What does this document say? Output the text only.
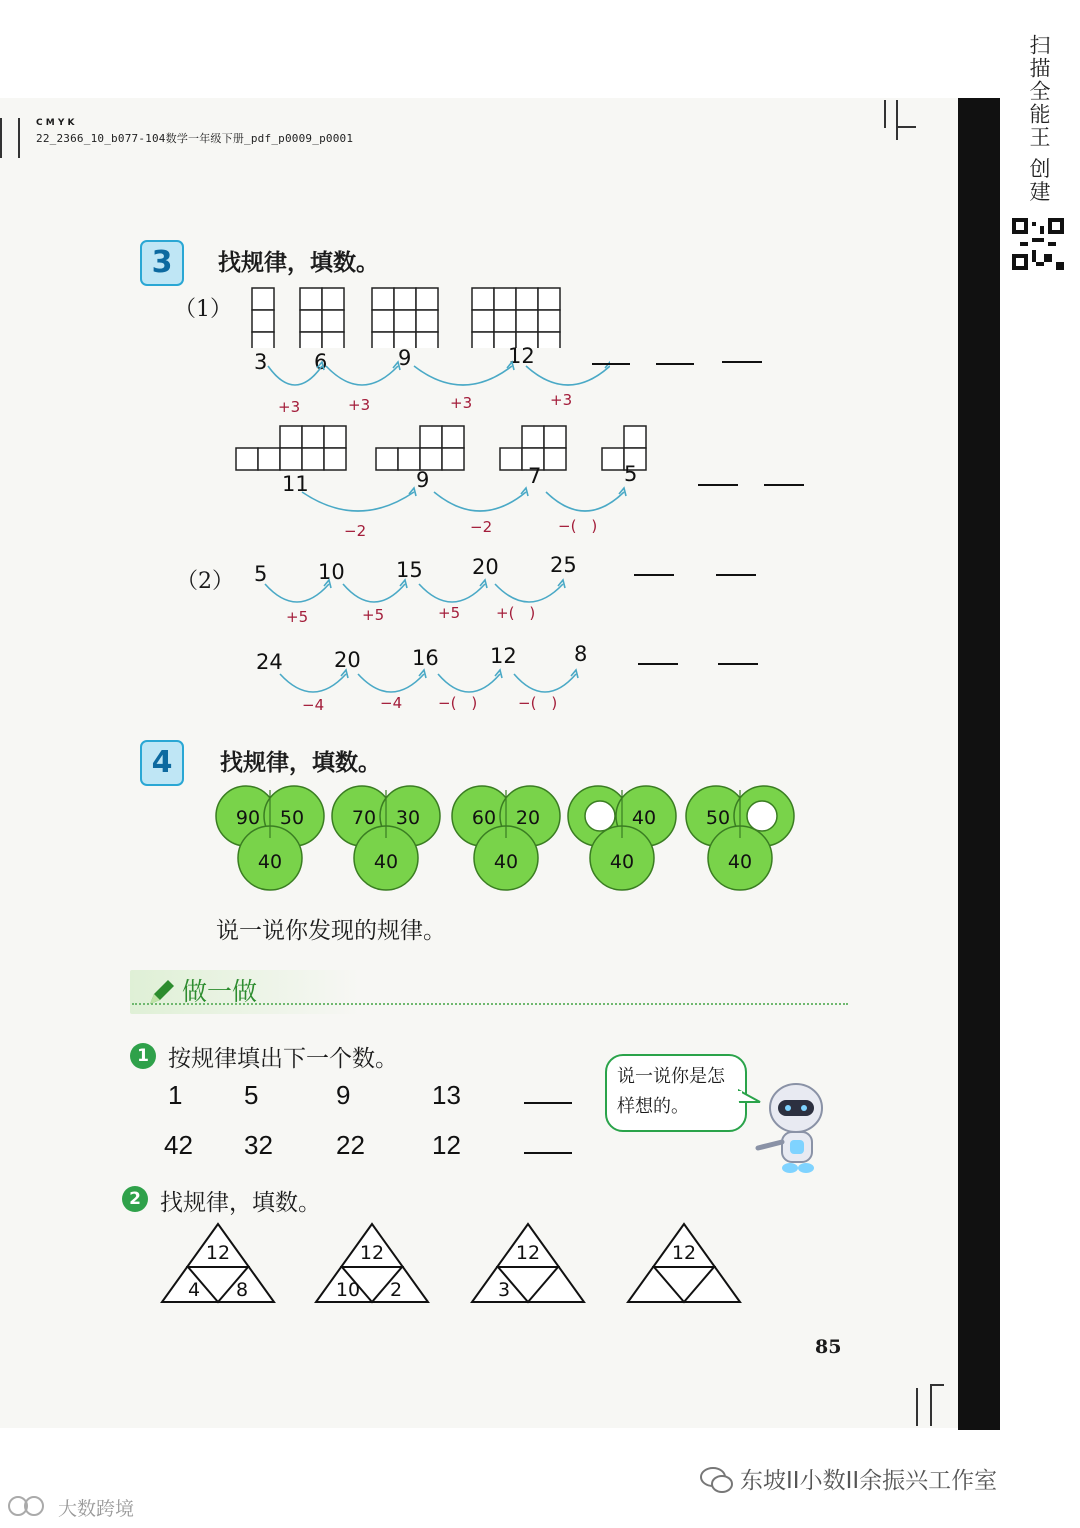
C M Y K
22_2366_10_b077-104数学一年级下册_pdf_p0009_p0001	扫描全能王 创建
3	找规律，填数。
（1）
3 6	9	12
+3	+3	+3	+3
11	9	7	5
−2	−2	−(　)
（2） 5 10 15 20 25
+5	+5	+5 +(　)
24 20 16 12	8
−4	−4 −(　)	−(　)
4	找规律，填数。
90 50
40
70 30
40
60 20
40
40
40
50
40
说一说你发现的规律。
做一做
1 按规律填出下一个数。
1 5	9	13
42 32 22	12
说一说你是怎样想的。
2 找规律，填数。
12
4 8
12
10 2
12
3
12
85
东坡II小数II余振兴工作室
大数跨境
